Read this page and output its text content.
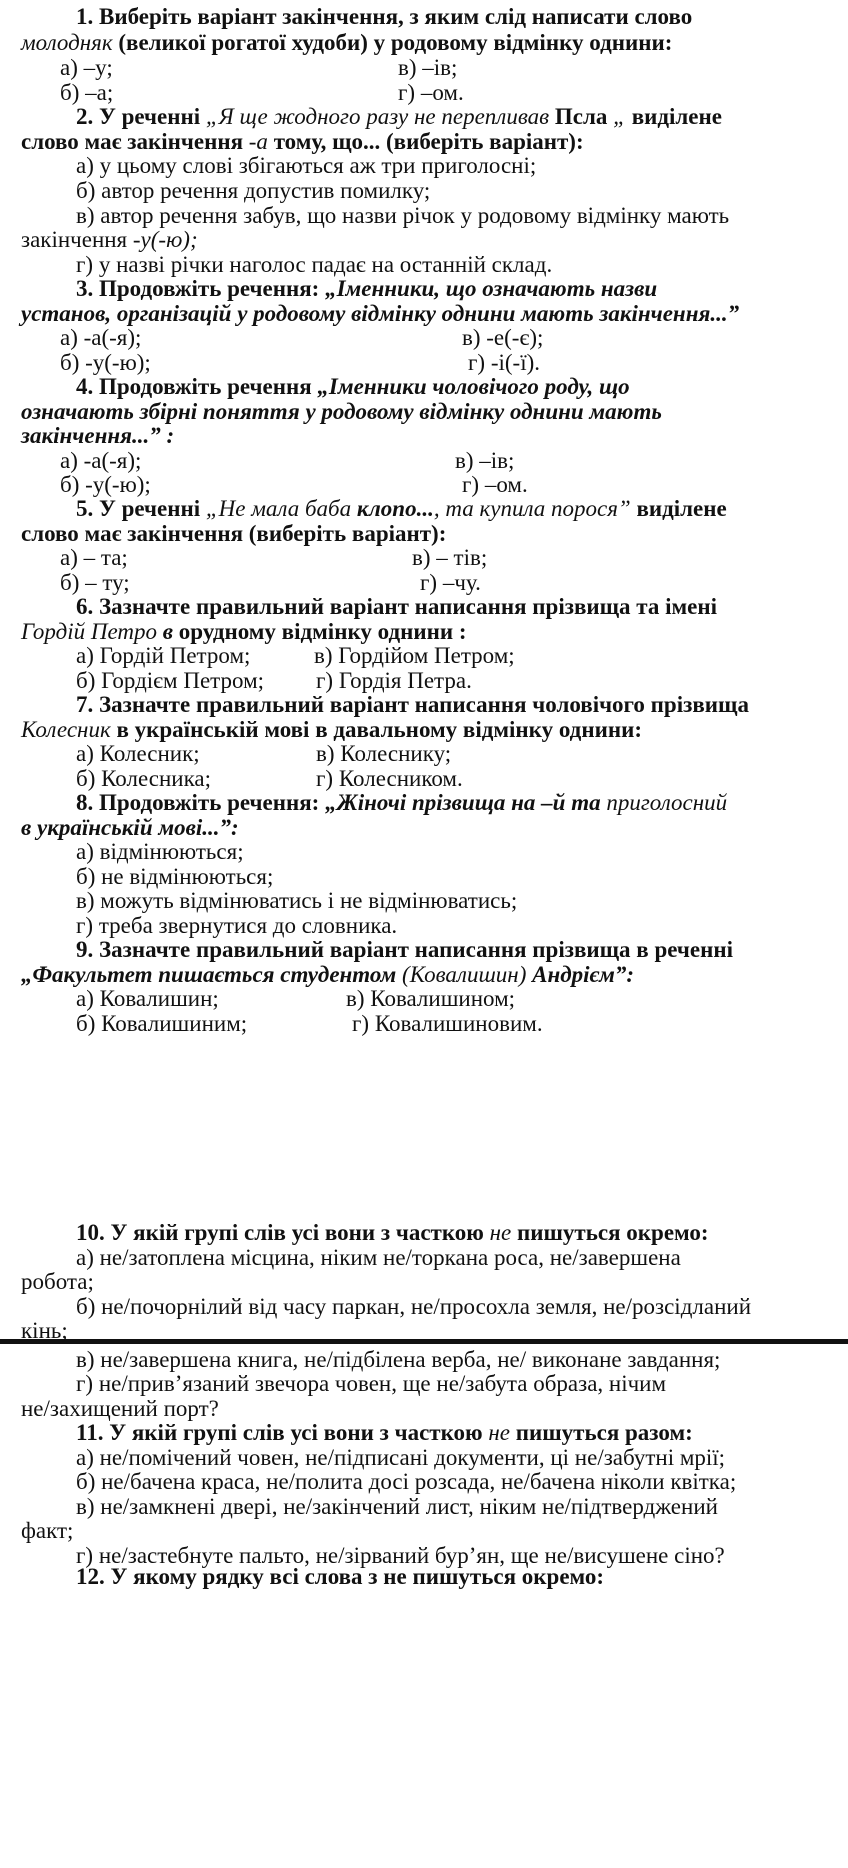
1. Виберіть варіант закінчення, з яким слід написати слово
молодняк (великої рогатої худоби) у родовому відмінку однини:
а) –у;	в) –ів;
б) –а;	г) –ом.
2. У реченні „Я ще жодного разу не перепливав Псла „ виділене
слово має закінчення -а тому, що... (виберіть варіант):
а) у цьому слові збігаються аж три приголосні;
б) автор речення допустив помилку;
в) автор речення забув, що назви річок у родовому відмінку мають
закінчення -у(-ю);
г) у назві річки наголос падає на останній склад.
3. Продовжіть речення: „Іменники, що означають назви
установ, організацій у родовому відмінку однини мають закінчення...”
а) -а(-я);	в) -е(-є);
б) -у(-ю);	г) -і(-ї).
4. Продовжіть речення „Іменники чоловічого роду, що
означають збірні поняття у родовому відмінку однини мають
закінчення...” :
а) -а(-я);	в) –ів;
б) -у(-ю);	г) –ом.
5. У реченні „Не мала баба клопо..., та купила порося” виділене
слово має закінчення (виберіть варіант):
а) – та;	в) – тів;
б) – ту;	г) –чу.
6. Зазначте правильний варіант написання прізвища та імені
Гордій Петро в орудному відмінку однини :
а) Гордій Петром;	в) Гордійом Петром;
б) Гордієм Петром; г) Гордія Петра.
7. Зазначте правильний варіант написання чоловічого прізвища
Колесник в українській мові в давальному відмінку однини:
а) Колесник;	в) Колеснику;
б) Колесника;	г) Колесником.
8. Продовжіть речення: „Жіночі прізвища на –й та приголосний
в українській мові...”:
а) відмінюються;
б) не відмінюються;
в) можуть відмінюватись і не відмінюватись;
г) треба звернутися до словника.
9. Зазначте правильний варіант написання прізвища в реченні
„Факультет пишається студентом (Ковалишин) Андрієм”:
а) Ковалишин;	в) Ковалишином;
б) Ковалишиним;	г) Ковалишиновим.
10. У якій групі слів усі вони з часткою не пишуться окремо:
а) не/затоплена місцина, ніким не/торкана роса, не/завершена
робота;
б) не/почорнілий від часу паркан, не/просохла земля, не/розсідланий
кінь;
в) не/завершена книга, не/підбілена верба, не/ виконане завдання;
г) не/прив’язаний звечора човен, ще не/забута образа, нічим
не/захищений порт?
11. У якій групі слів усі вони з часткою не пишуться разом:
а) не/помічений човен, не/підписані документи, ці не/забутні мрії;
б) не/бачена краса, не/полита досі розсада, не/бачена ніколи квітка;
в) не/замкнені двері, не/закінчений лист, ніким не/підтверджений
факт;
г) не/застебнуте пальто, не/зірваний бур’ян, ще не/висушене сіно?
12. У якому рядку всі слова з не пишуться окремо:
